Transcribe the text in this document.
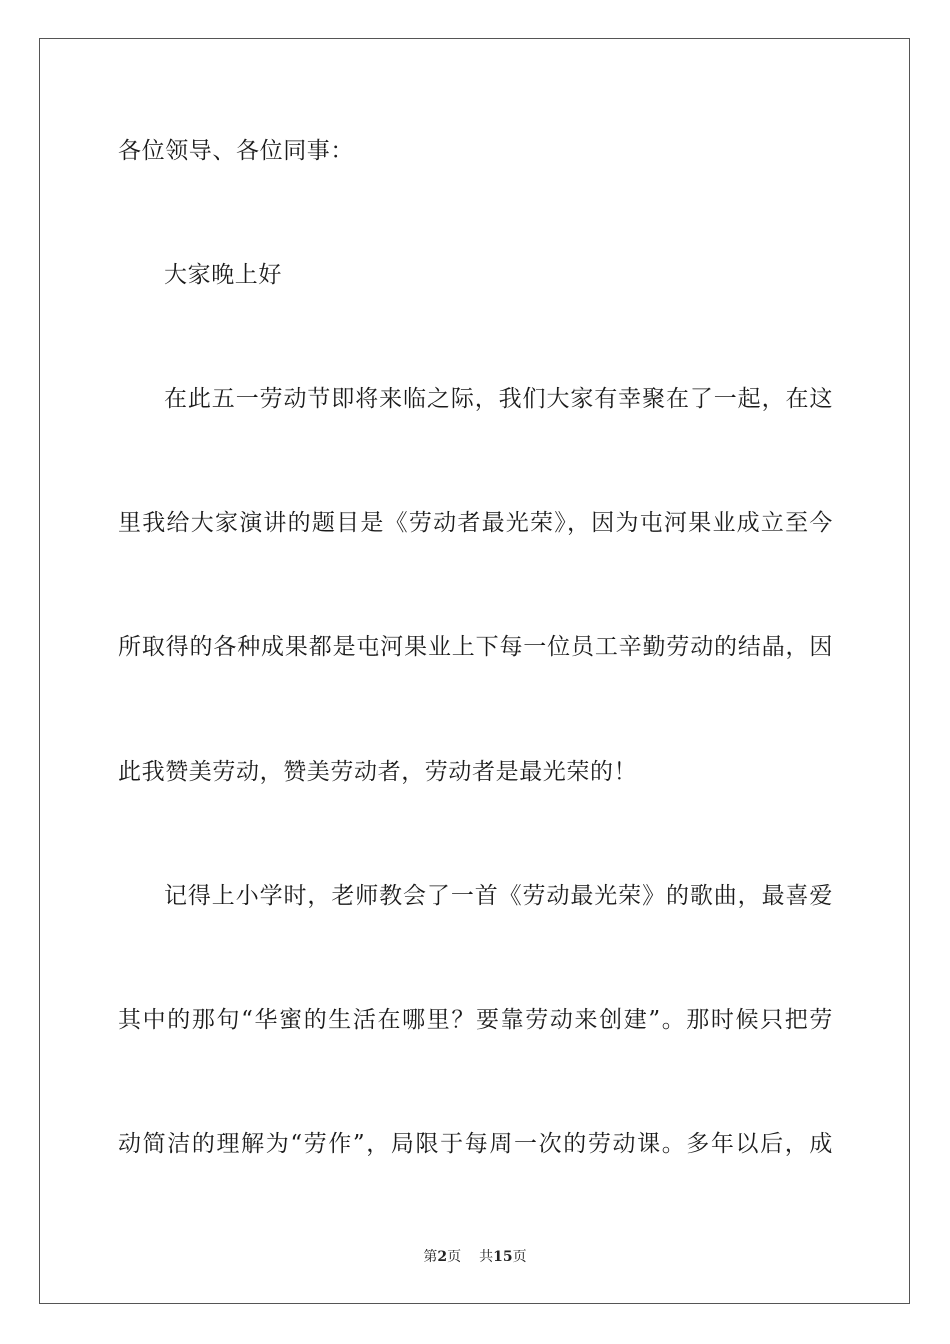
各位领导、各位同事：
大家晚上好
在此五一劳动节即将来临之际，我们大家有幸聚在了一起，在这
里我给大家演讲的题目是《劳动者最光荣》，因为屯河果业成立至今
所取得的各种成果都是屯河果业上下每一位员工辛勤劳动的结晶，因
此我赞美劳动，赞美劳动者，劳动者是最光荣的！
记得上小学时，老师教会了一首《劳动最光荣》的歌曲，最喜爱
其中的那句“华蜜的生活在哪里？要靠劳动来创建”。那时候只把劳
动简洁的理解为“劳作”，局限于每周一次的劳动课。多年以后，成
第2页 共15页
